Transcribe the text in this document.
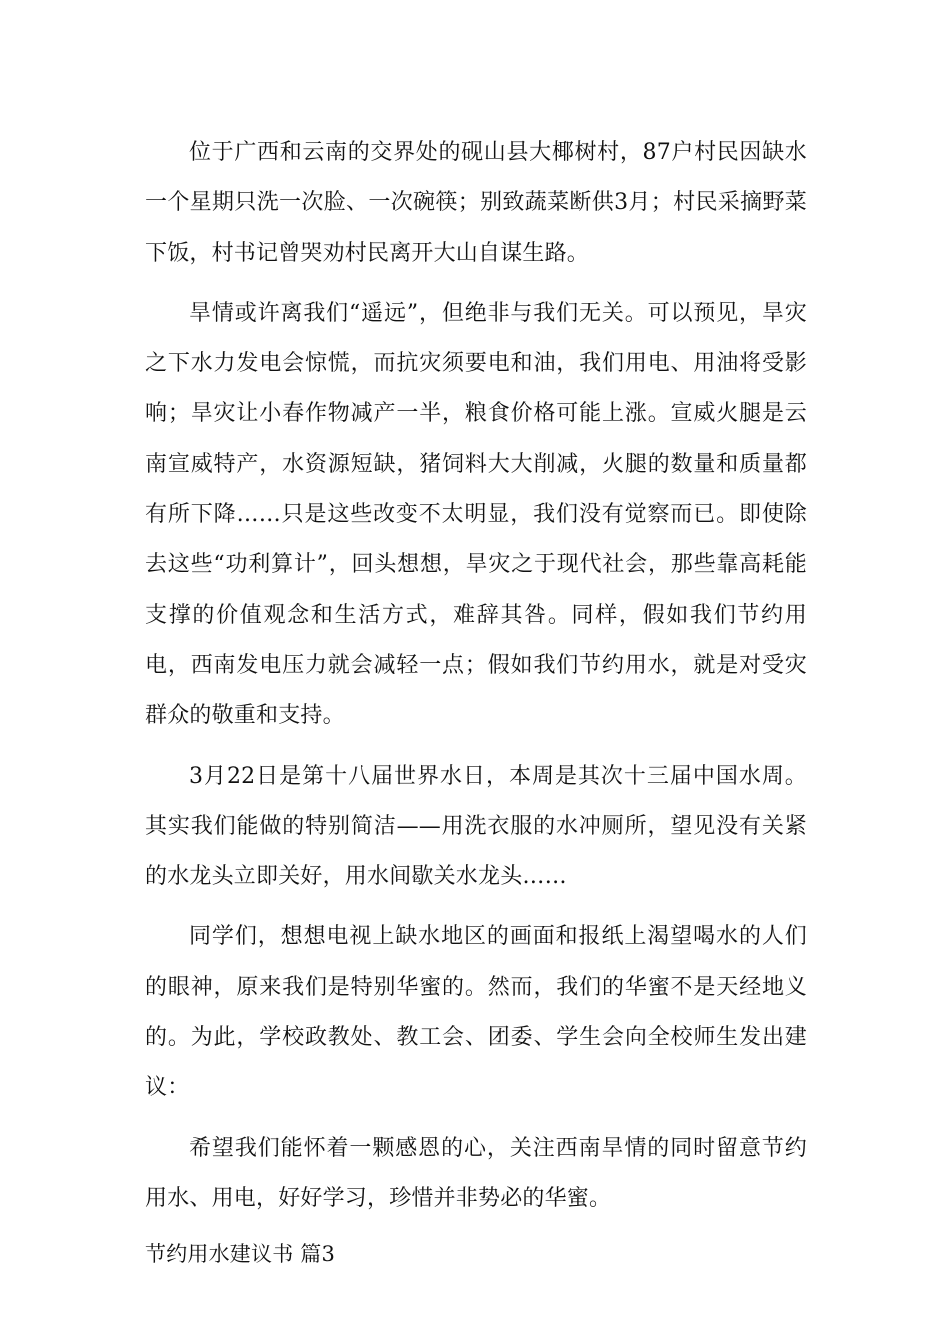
位于广西和云南的交界处的砚山县大椰树村，87户村民因缺水一个星期只洗一次脸、一次碗筷；别致蔬菜断供3月；村民采摘野菜下饭，村书记曾哭劝村民离开大山自谋生路。

旱情或许离我们“遥远”，但绝非与我们无关。可以预见，旱灾之下水力发电会惊慌，而抗灾须要电和油，我们用电、用油将受影响；旱灾让小春作物减产一半，粮食价格可能上涨。宣威火腿是云南宣威特产，水资源短缺，猪饲料大大削减，火腿的数量和质量都有所下降……只是这些改变不太明显，我们没有觉察而已。即使除去这些“功利算计”，回头想想，旱灾之于现代社会，那些靠高耗能支撑的价值观念和生活方式，难辞其咎。同样，假如我们节约用电，西南发电压力就会减轻一点；假如我们节约用水，就是对受灾群众的敬重和支持。

3月22日是第十八届世界水日，本周是其次十三届中国水周。其实我们能做的特别简洁——用洗衣服的水冲厕所，望见没有关紧的水龙头立即关好，用水间歇关水龙头……

同学们，想想电视上缺水地区的画面和报纸上渴望喝水的人们的眼神，原来我们是特别华蜜的。然而，我们的华蜜不是天经地义的。为此，学校政教处、教工会、团委、学生会向全校师生发出建议：

希望我们能怀着一颗感恩的心，关注西南旱情的同时留意节约用水、用电，好好学习，珍惜并非势必的华蜜。

节约用水建议书 篇3
